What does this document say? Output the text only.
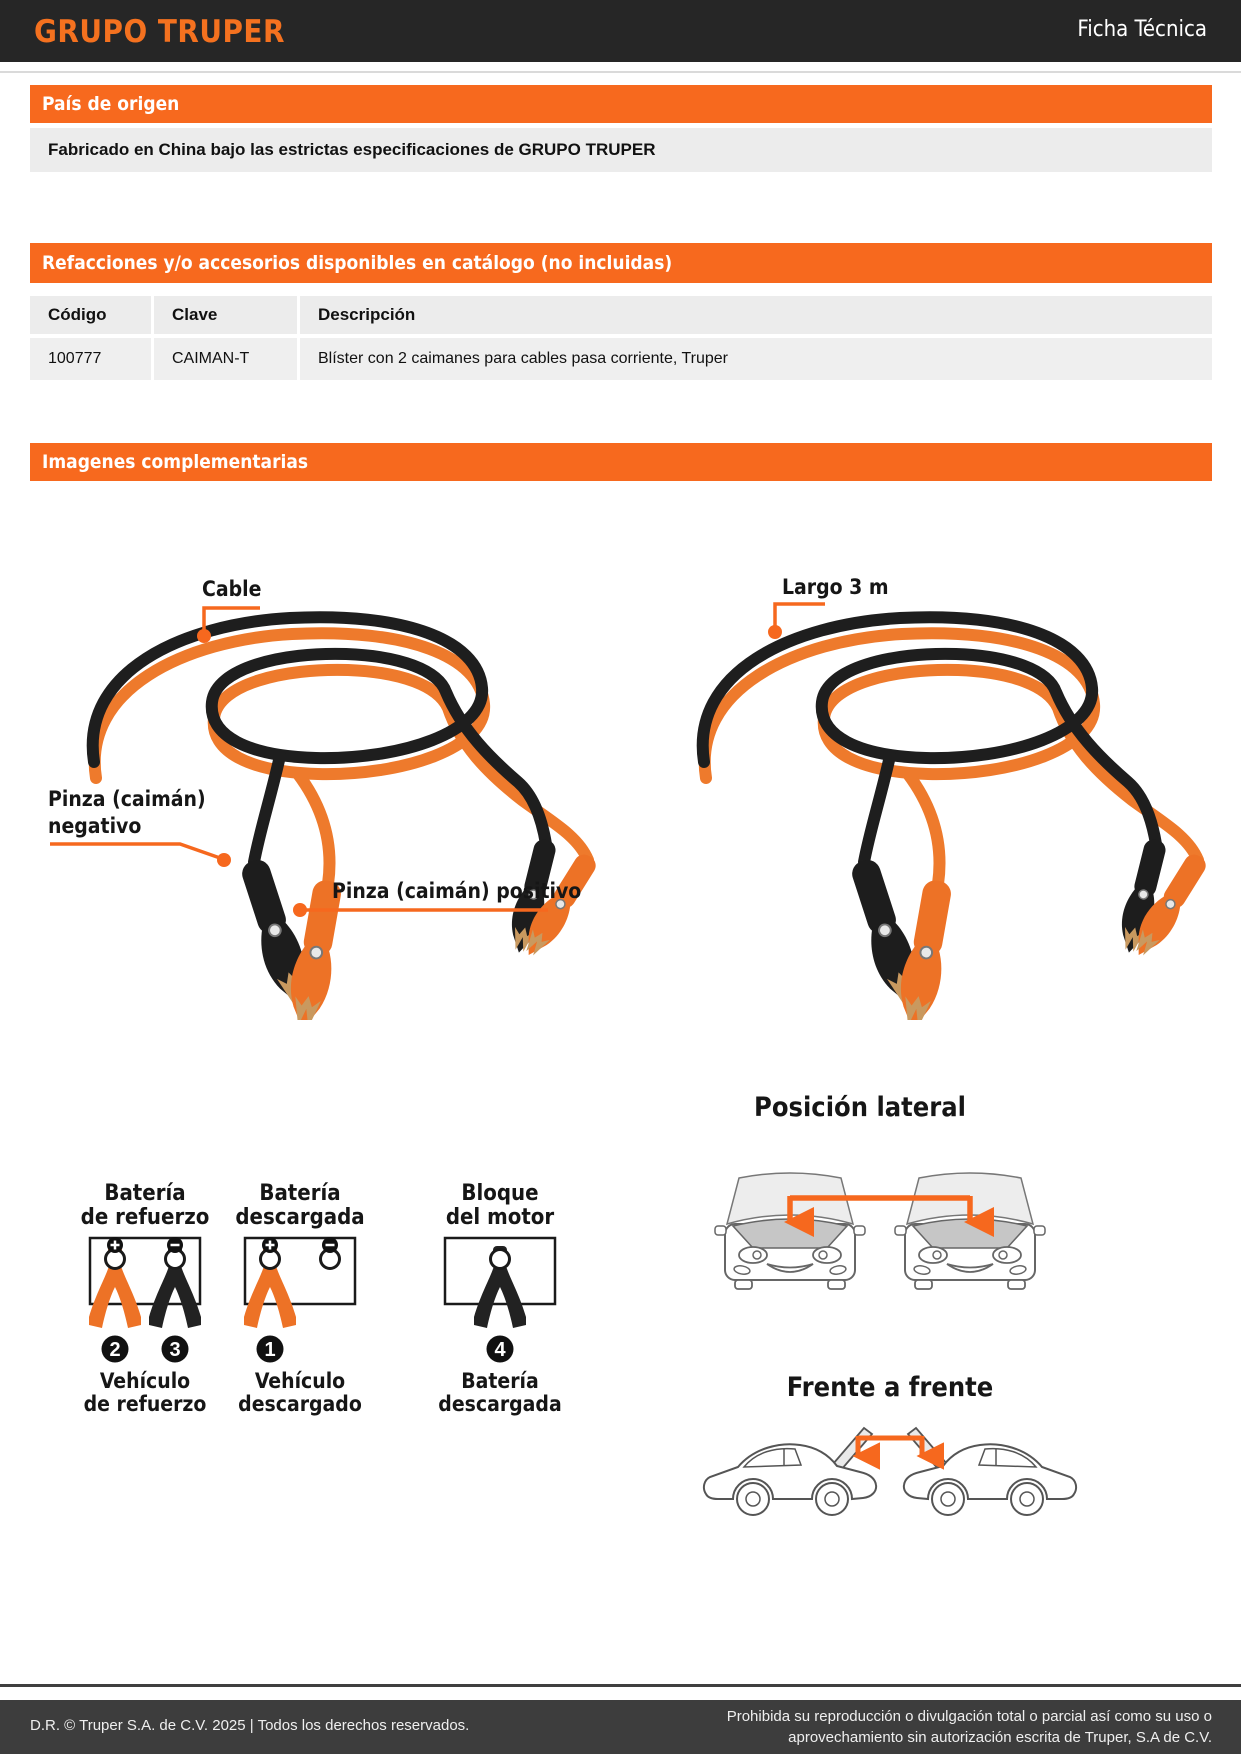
GRUPO TRUPER	Ficha Técnica
País de origen
Fabricado en China bajo las estrictas especificaciones de GRUPO TRUPER
Refacciones y/o accesorios disponibles en catálogo (no incluidas)
Código	Clave	Descripción
100777	CAIMAN-T	Blíster con 2 caimanes para cables pasa corriente, Truper
Imagenes complementarias
Cable
Pinza (caimán)
negativo
Pinza (caimán) positivo
Largo 3 m
Batería
de refuerzo
2 3
Vehículo
de refuerzo
Batería
descargada
1
Vehículo
descargado
Bloque
del motor
4
Batería
descargada
Posición lateral
Frente a frente
D.R. © Truper S.A. de C.V. 2025 | Todos los derechos reservados.
Prohibida su reproducción o divulgación total o parcial así como su uso o
aprovechamiento sin autorización escrita de Truper, S.A de C.V.
